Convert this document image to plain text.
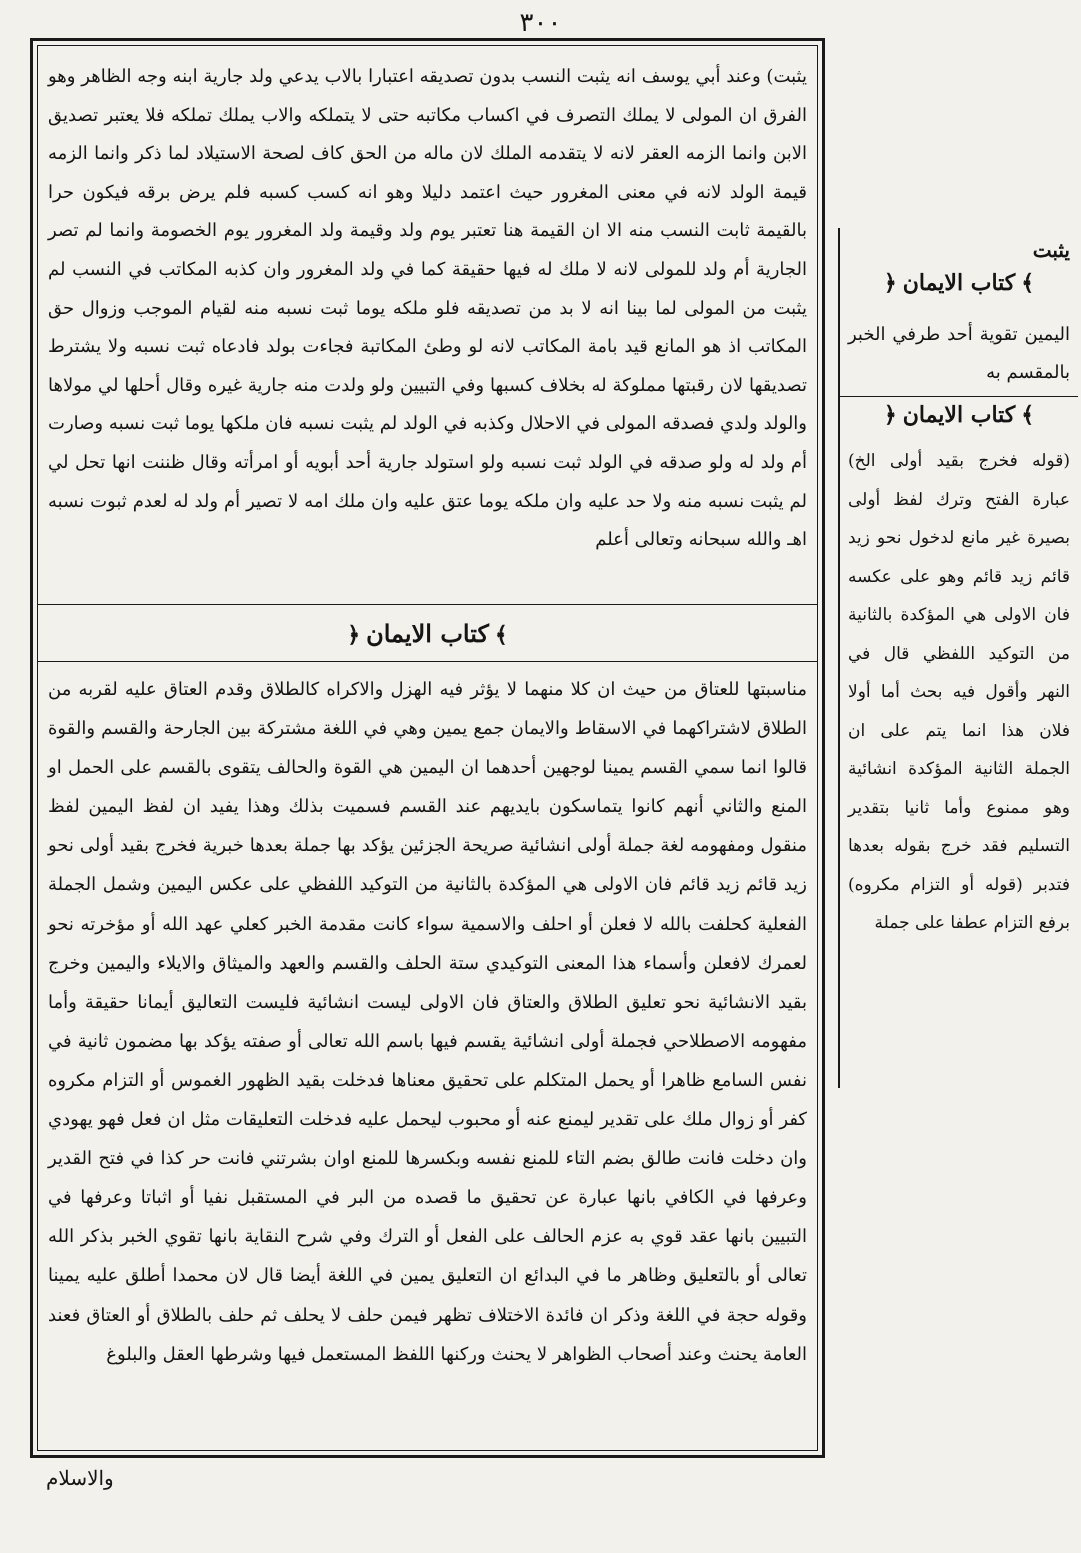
٣٠٠
يثبت) وعند أبي يوسف انه يثبت النسب بدون تصديقه اعتبارا بالاب يدعي ولد جارية ابنه وجه الظاهر وهو الفرق ان المولى لا يملك التصرف في اكساب مكاتبه حتى لا يتملكه والاب يملك تملكه فلا يعتبر تصديق الابن وانما الزمه العقر لانه لا يتقدمه الملك لان ماله من الحق كاف لصحة الاستيلاد لما ذكر وانما الزمه قيمة الولد لانه في معنى المغرور حيث اعتمد دليلا وهو انه كسب كسبه فلم يرض برقه فيكون حرا بالقيمة ثابت النسب منه الا ان القيمة هنا تعتبر يوم ولد وقيمة ولد المغرور يوم الخصومة وانما لم تصر الجارية أم ولد للمولى لانه لا ملك له فيها حقيقة كما في ولد المغرور وان كذبه المكاتب في النسب لم يثبت من المولى لما بينا انه لا بد من تصديقه فلو ملكه يوما ثبت نسبه منه لقيام الموجب وزوال حق المكاتب اذ هو المانع قيد بامة المكاتب لانه لو وطئ المكاتبة فجاءت بولد فادعاه ثبت نسبه ولا يشترط تصديقها لان رقبتها مملوكة له بخلاف كسبها وفي التبيين ولو ولدت منه جارية غيره وقال أحلها لي مولاها والولد ولدي فصدقه المولى في الاحلال وكذبه في الولد لم يثبت نسبه فان ملكها يوما ثبت نسبه وصارت أم ولد له ولو صدقه في الولد ثبت نسبه ولو استولد جارية أحد أبويه أو امرأته وقال ظننت انها تحل لي لم يثبت نسبه منه ولا حد عليه وان ملكه يوما عتق عليه وان ملك امه لا تصير أم ولد له لعدم ثبوت نسبه اهـ والله سبحانه وتعالى أعلم
﴾كتاب الايمان﴿
مناسبتها للعتاق من حيث ان كلا منهما لا يؤثر فيه الهزل والاكراه كالطلاق وقدم العتاق عليه لقربه من الطلاق لاشتراكهما في الاسقاط والايمان جمع يمين وهي في اللغة مشتركة بين الجارحة والقسم والقوة قالوا انما سمي القسم يمينا لوجهين أحدهما ان اليمين هي القوة والحالف يتقوى بالقسم على الحمل او المنع والثاني أنهم كانوا يتماسكون بايديهم عند القسم فسميت بذلك وهذا يفيد ان لفظ اليمين لفظ منقول ومفهومه لغة جملة أولى انشائية صريحة الجزئين يؤكد بها جملة بعدها خبرية فخرج بقيد أولى نحو زيد قائم زيد قائم فان الاولى هي المؤكدة بالثانية من التوكيد اللفظي على عكس اليمين وشمل الجملة الفعلية كحلفت بالله لا فعلن أو احلف والاسمية سواء كانت مقدمة الخبر كعلي عهد الله أو مؤخرته نحو لعمرك لافعلن وأسماء هذا المعنى التوكيدي ستة الحلف والقسم والعهد والميثاق والايلاء واليمين وخرج بقيد الانشائية نحو تعليق الطلاق والعتاق فان الاولى ليست انشائية فليست التعاليق أيمانا حقيقة وأما مفهومه الاصطلاحي فجملة أولى انشائية يقسم فيها باسم الله تعالى أو صفته يؤكد بها مضمون ثانية في نفس السامع ظاهرا أو يحمل المتكلم على تحقيق معناها فدخلت بقيد الظهور الغموس أو التزام مكروه كفر أو زوال ملك على تقدير ليمنع عنه أو محبوب ليحمل عليه فدخلت التعليقات مثل ان فعل فهو يهودي وان دخلت فانت طالق بضم التاء للمنع نفسه وبكسرها للمنع اوان بشرتني فانت حر كذا في فتح القدير وعرفها في الكافي بانها عبارة عن تحقيق ما قصده من البر في المستقبل نفيا أو اثباتا وعرفها في التبيين بانها عقد قوي به عزم الحالف على الفعل أو الترك وفي شرح النقاية بانها تقوي الخبر بذكر الله تعالى أو بالتعليق وظاهر ما في البدائع ان التعليق يمين في اللغة أيضا قال لان محمدا أطلق عليه يمينا وقوله حجة في اللغة وذكر ان فائدة الاختلاف تظهر فيمن حلف لا يحلف ثم حلف بالطلاق أو العتاق فعند العامة يحنث وعند أصحاب الظواهر لا يحنث وركنها اللفظ المستعمل فيها وشرطها العقل والبلوغ
يثبت
﴾كتاب الايمان﴿
اليمين تقوية أحد طرفي الخبر بالمقسم به
﴾كتاب الايمان﴿
(قوله فخرج بقيد أولى الخ) عبارة الفتح وترك لفظ أولى بصيرة غير مانع لدخول نحو زيد قائم زيد قائم وهو على عكسه فان الاولى هي المؤكدة بالثانية من التوكيد اللفظي قال في النهر وأقول فيه بحث أما أولا فلان هذا انما يتم على ان الجملة الثانية المؤكدة انشائية وهو ممنوع وأما ثانيا بتقدير التسليم فقد خرج بقوله بعدها فتدبر (قوله أو التزام مكروه) برفع التزام عطفا على جملة
والاسلام
